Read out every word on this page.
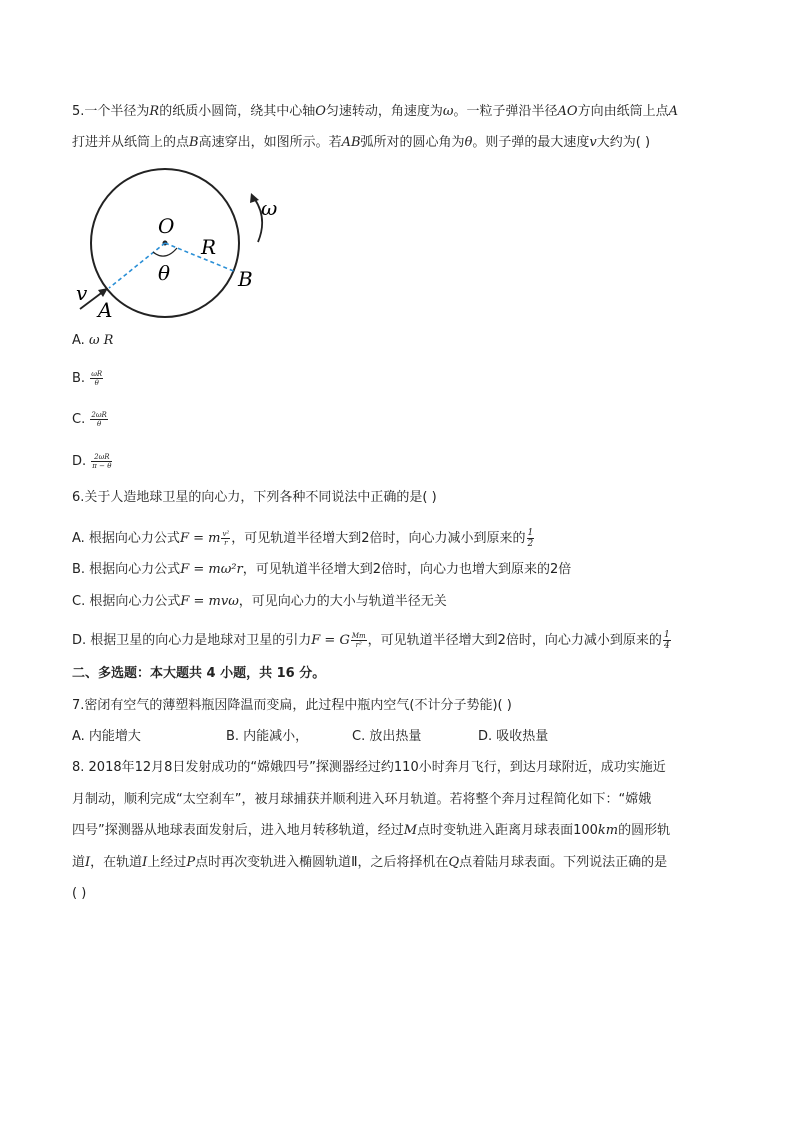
5.一个半径为R的纸质小圆筒，绕其中心轴O匀速转动，角速度为ω。一粒子弹沿半径AO方向由纸筒上点A
打进并从纸筒上的点B高速穿出，如图所示。若AB弧所对的圆心角为θ。则子弹的最大速度v大约为( )
O
R
θ	B
A
v
ω
A. ω R
B. $\frac{\omega R}{\theta}$
C. $\frac{2\omega R}{\theta}$
D. $\frac{2\omega R}{\pi - \theta}$
6.关于人造地球卫星的向心力，下列各种不同说法中正确的是( )
A. 根据向心力公式F = m $\frac{\text{v²}}{r}$ ，可见轨道半径增大到2倍时，向心力减小到原来的 $\frac{1}{2}$
B. 根据向心力公式F = mω²r，可见轨道半径增大到2倍时，向心力也增大到原来的2倍
C. 根据向心力公式F = mvω，可见向心力的大小与轨道半径无关
D. 根据卫星的向心力是地球对卫星的引力F = G $\frac{Mm}{\text{r²}}$ ，可见轨道半径增大到2倍时，向心力减小到原来的 $\frac{1}{4}$
二、多选题：本大题共 4 小题，共 16 分。
7.密闭有空气的薄塑料瓶因降温而变扁，此过程中瓶内空气(不计分子势能)( )
A. 内能增大	B. 内能减小，	C. 放出热量	D. 吸收热量
8. 2018年12月8日发射成功的“嫦娥四号”探测器经过约110小时奔月飞行，到达月球附近，成功实施近
月制动，顺利完成“太空刹车”，被月球捕获并顺利进入环月轨道。若将整个奔月过程简化如下：“嫦娥
四号”探测器从地球表面发射后，进入地月转移轨道，经过M点时变轨进入距离月球表面100km的圆形轨
道I，在轨道I上经过P点时再次变轨进入椭圆轨道Ⅱ，之后将择机在Q点着陆月球表面。下列说法正确的是
( )
